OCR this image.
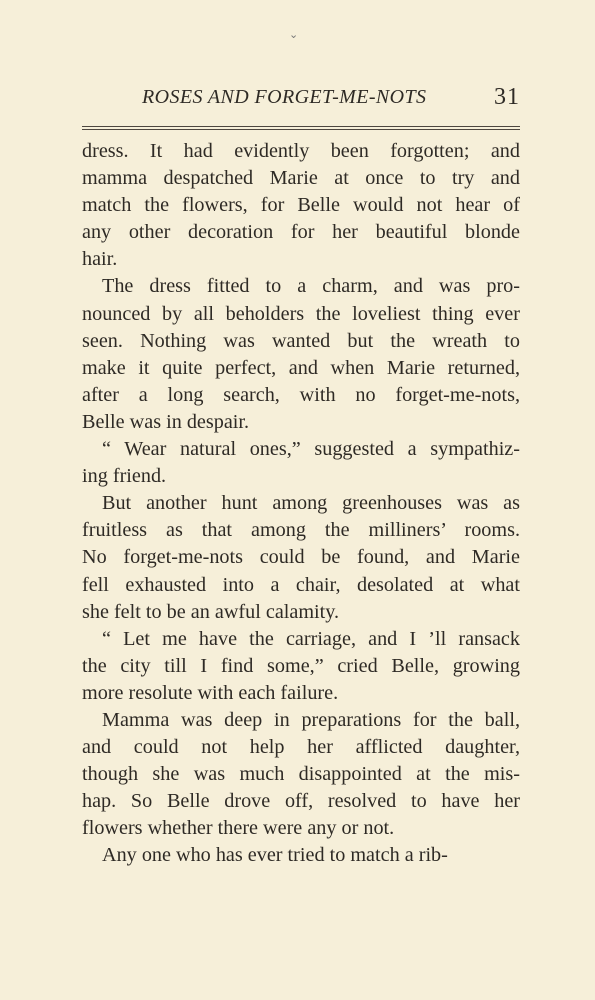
⌄
ROSES AND FORGET-ME-NOTS	31
dress. It had evidently been forgotten; and
mamma despatched Marie at once to try and
match the flowers, for Belle would not hear of
any other decoration for her beautiful blonde
hair.
The dress fitted to a charm, and was pro-
nounced by all beholders the loveliest thing ever
seen. Nothing was wanted but the wreath to
make it quite perfect, and when Marie returned,
after a long search, with no forget-me-nots,
Belle was in despair.
“ Wear natural ones,” suggested a sympathiz-
ing friend.
But another hunt among greenhouses was as
fruitless as that among the milliners’ rooms.
No forget-me-nots could be found, and Marie
fell exhausted into a chair, desolated at what
she felt to be an awful calamity.
“ Let me have the carriage, and I ’ll ransack
the city till I find some,” cried Belle, growing
more resolute with each failure.
Mamma was deep in preparations for the ball,
and could not help her afflicted daughter,
though she was much disappointed at the mis-
hap. So Belle drove off, resolved to have her
flowers whether there were any or not.
Any one who has ever tried to match a rib-
